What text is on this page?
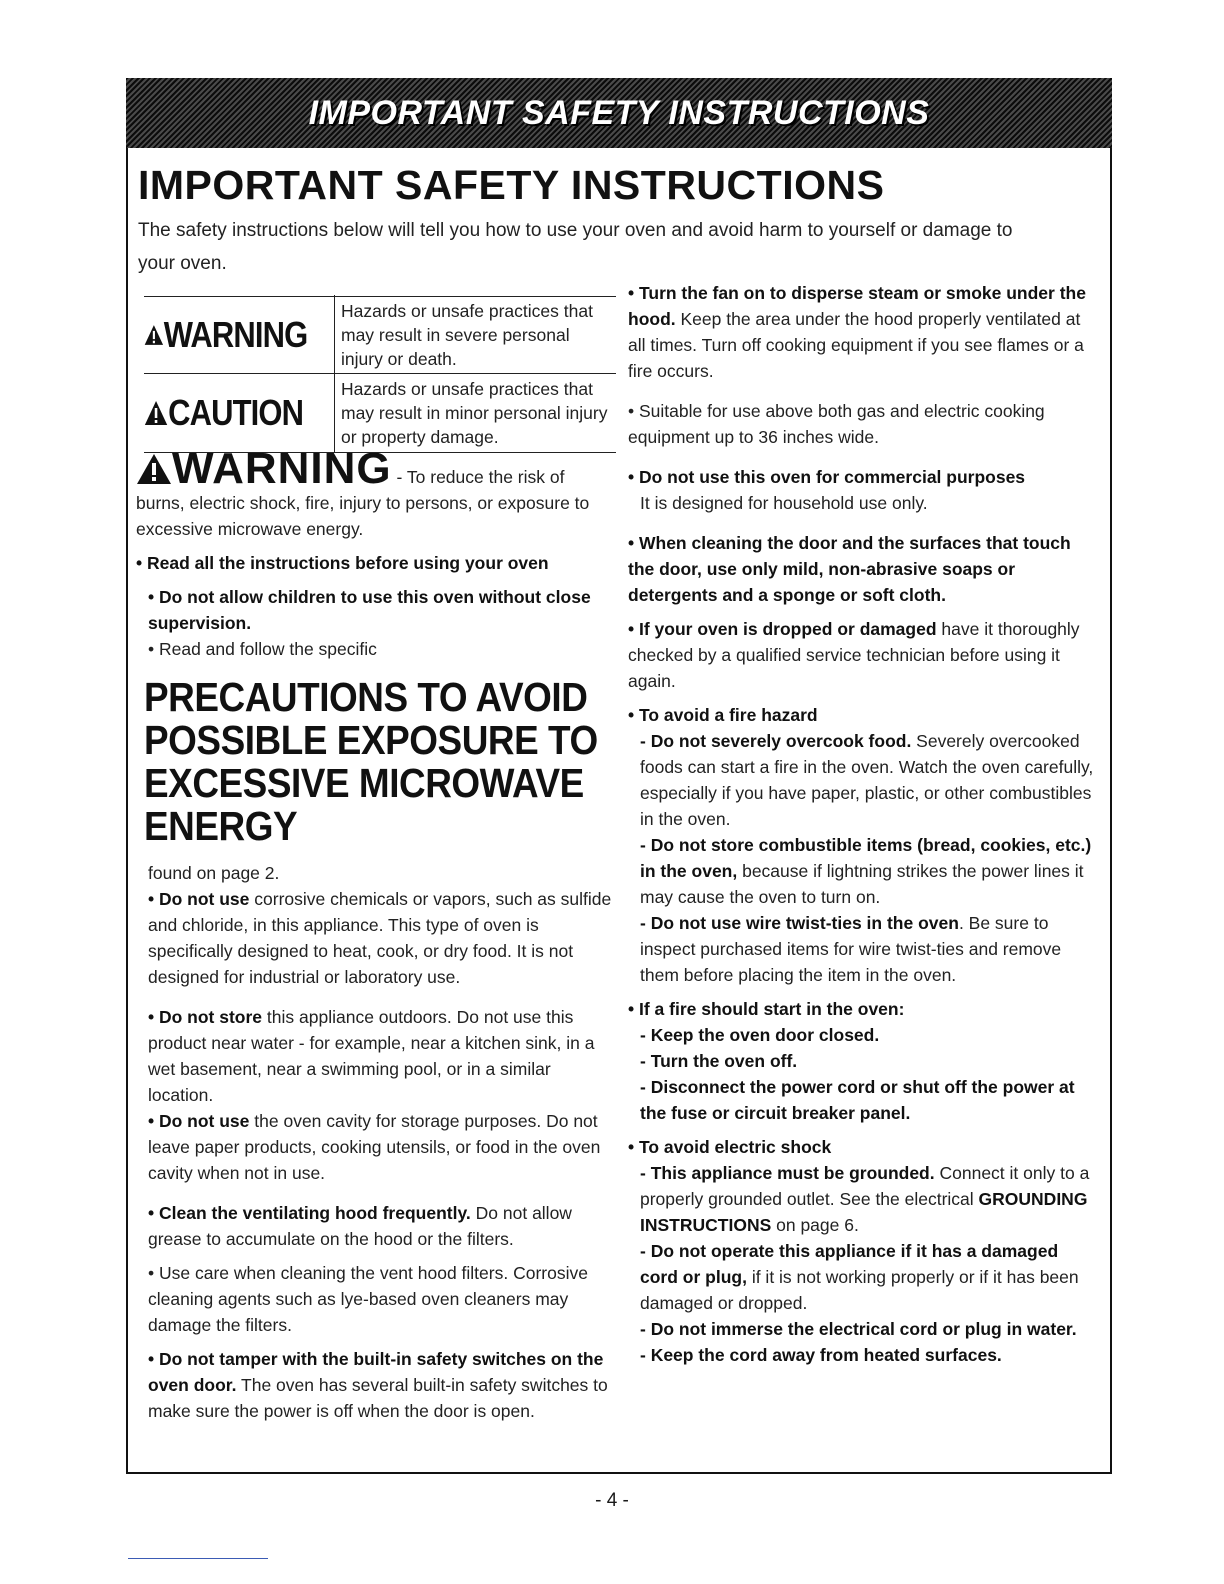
IMPORTANT SAFETY INSTRUCTIONS
IMPORTANT SAFETY INSTRUCTIONS

The safety instructions below will tell you how to use your oven and avoid harm to yourself or damage to your oven.

WARNING
Hazards or unsafe practices that may result in severe personal injury or death.
CAUTION
Hazards or unsafe practices that may result in minor personal injury or property damage.

WARNING - To reduce the risk of

burns, electric shock, fire, injury to persons, or exposure to excessive microwave energy.

• Read all the instructions before using your oven

• Do not allow children to use this oven without close supervision.

• Read and follow the specific

PRECAUTIONS TO AVOID POSSIBLE EXPOSURE TO EXCESSIVE MICROWAVE ENERGY

found on page 2.

• Do not use corrosive chemicals or vapors, such as sulfide and chloride, in this appliance. This type of oven is specifically designed to heat, cook, or dry food. It is not designed for industrial or laboratory use.

• Do not store this appliance outdoors. Do not use this product near water - for example, near a kitchen sink, in a wet basement, near a swimming pool, or in a similar location.

• Do not use the oven cavity for storage purposes. Do not leave paper products, cooking utensils, or food in the oven cavity when not in use.

• Clean the ventilating hood frequently. Do not allow grease to accumulate on the hood or the filters.

• Use care when cleaning the vent hood filters. Corrosive cleaning agents such as lye-based oven cleaners may damage the filters.

• Do not tamper with the built-in safety switches on the oven door. The oven has several built-in safety switches to make sure the power is off when the door is open.

• Turn the fan on to disperse steam or smoke under the hood. Keep the area under the hood properly ventilated at all times. Turn off cooking equipment if you see flames or a fire occurs.

• Suitable for use above both gas and electric cooking equipment up to 36 inches wide.

• Do not use this oven for commercial purposes

It is designed for household use only.

• When cleaning the door and the surfaces that touch the door, use only mild, non-abrasive soaps or detergents and a sponge or soft cloth.

• If your oven is dropped or damaged have it thoroughly checked by a qualified service technician before using it again.

• To avoid a fire hazard

- Do not severely overcook food. Severely overcooked foods can start a fire in the oven. Watch the oven carefully, especially if you have paper, plastic, or other combustibles in the oven.

- Do not store combustible items (bread, cookies, etc.) in the oven, because if lightning strikes the power lines it may cause the oven to turn on.

- Do not use wire twist-ties in the oven. Be sure to inspect purchased items for wire twist-ties and remove them before placing the item in the oven.

• If a fire should start in the oven:

- Keep the oven door closed.

- Turn the oven off.

- Disconnect the power cord or shut off the power at the fuse or circuit breaker panel.

• To avoid electric shock

- This appliance must be grounded. Connect it only to a properly grounded outlet. See the electrical GROUNDING INSTRUCTIONS on page 6.

- Do not operate this appliance if it has a damaged cord or plug, if it is not working properly or if it has been damaged or dropped.

- Do not immerse the electrical cord or plug in water.

- Keep the cord away from heated surfaces.

- 4 -
